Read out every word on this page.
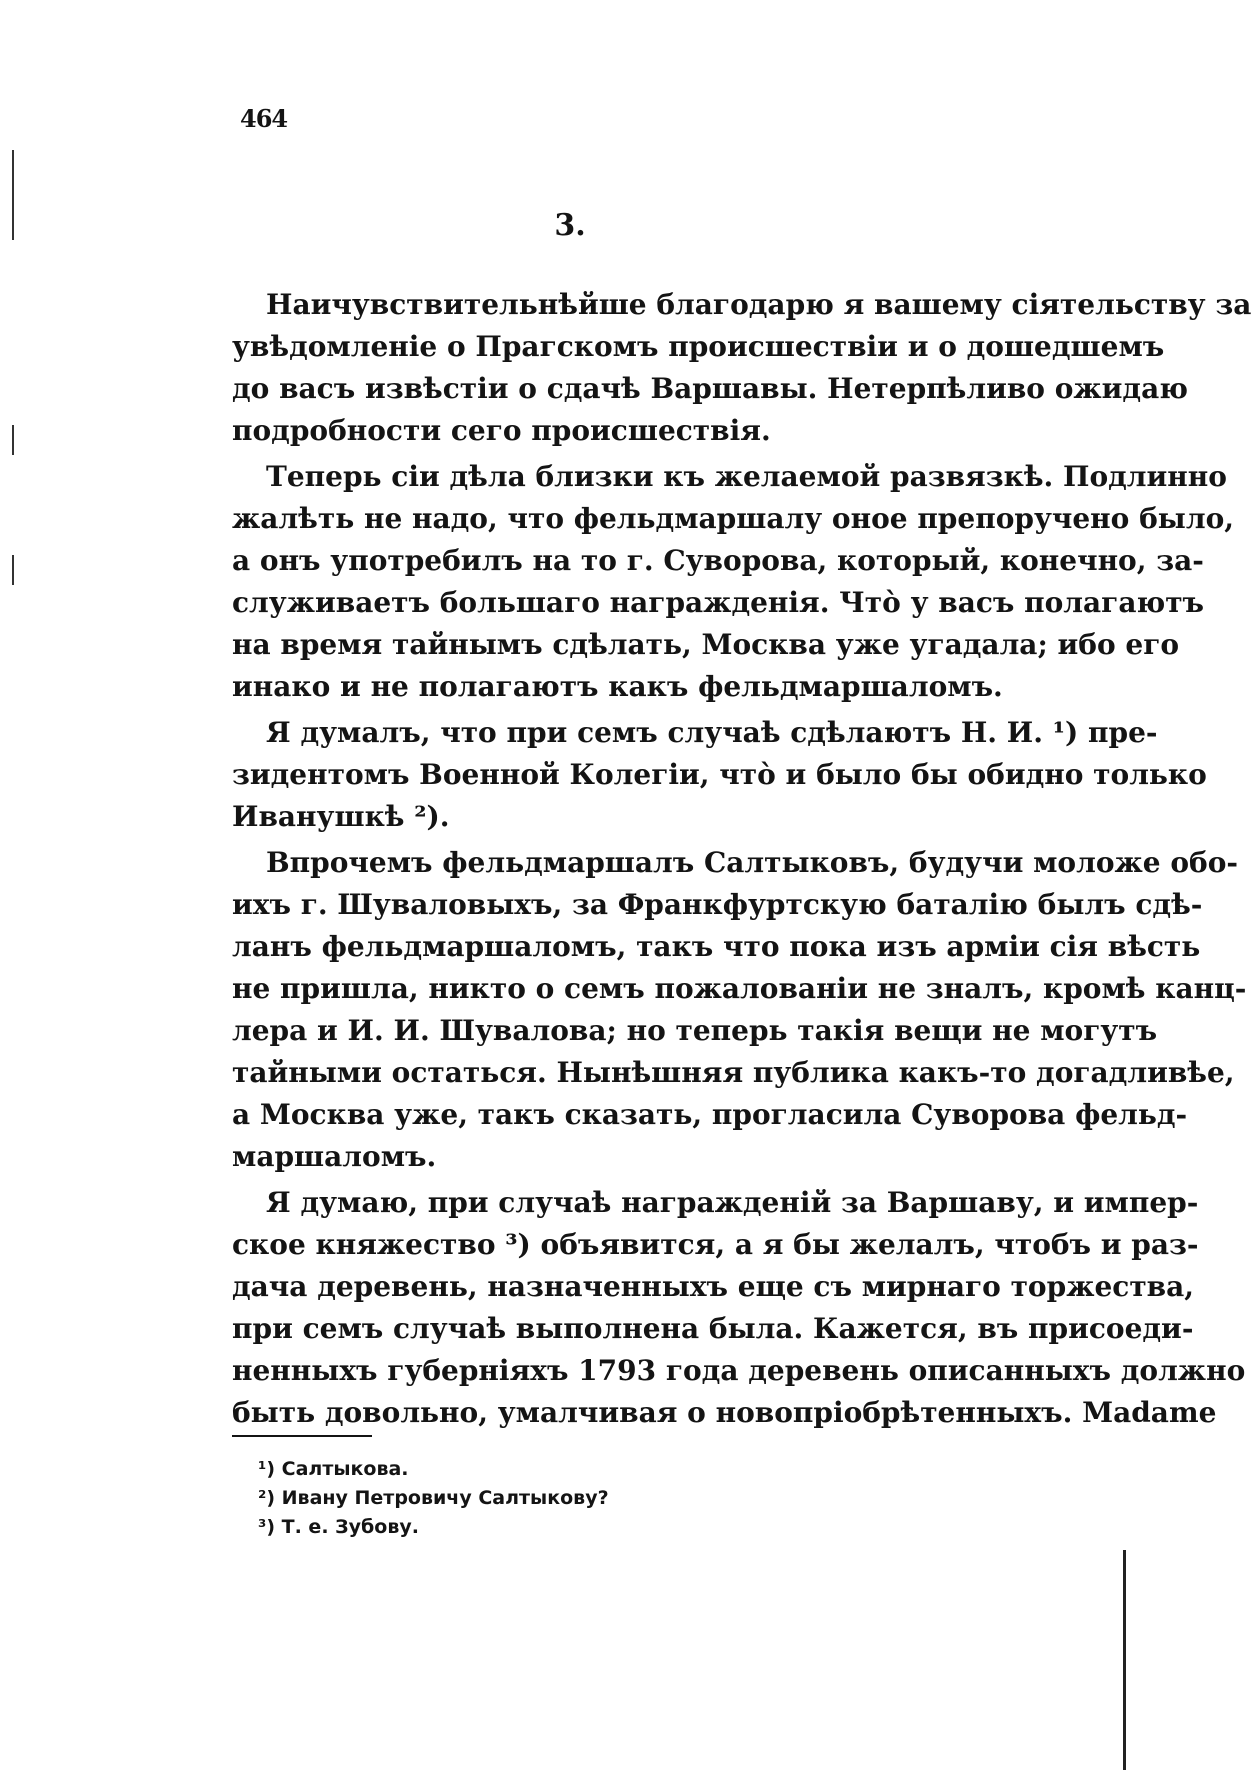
464
3.

Наичувствительнѣйше благодарю я вашему сіятельству за
увѣдомленіе о Прагскомъ происшествіи и о дошедшемъ
до васъ извѣстіи о сдачѣ Варшавы. Нетерпѣливо ожидаю
подробности сего происшествія.

Теперь сіи дѣла близки къ желаемой развязкѣ. Подлинно
жалѣть не надо, что фельдмаршалу оное препоручено было,
а онъ употребилъ на то г. Суворова, который, конечно, за-
служиваетъ большаго награжденія. Чтò у васъ полагаютъ
на время тайнымъ сдѣлать, Москва уже угадала; ибо его
инако и не полагаютъ какъ фельдмаршаломъ.

Я думалъ, что при семъ случаѣ сдѣлаютъ Н. И. ¹) пре-
зидентомъ Военной Колегіи, чтò и было бы обидно только
Иванушкѣ ²).

Впрочемъ фельдмаршалъ Салтыковъ, будучи моложе обо-
ихъ г. Шуваловыхъ, за Франкфуртскую баталію былъ сдѣ-
ланъ фельдмаршаломъ, такъ что пока изъ арміи сія вѣсть
не пришла, никто о семъ пожалованіи не зналъ, кромѣ канц-
лера и И. И. Шувалова; но теперь такія вещи не могутъ
тайными остаться. Нынѣшняя публика какъ-то догадливѣе,
а Москва уже, такъ сказать, прогласила Суворова фельд-
маршаломъ.

Я думаю, при случаѣ награжденій за Варшаву, и импер-
ское княжество ³) объявится, а я бы желалъ, чтобъ и раз-
дача деревень, назначенныхъ еще съ мирнаго торжества,
при семъ случаѣ выполнена была. Кажется, въ присоеди-
ненныхъ губерніяхъ 1793 года деревень описанныхъ должно
быть довольно, умалчивая о новопріобрѣтенныхъ. Madame

¹) Салтыкова.
²) Ивану Петровичу Салтыкову?
³) Т. е. Зубову.
